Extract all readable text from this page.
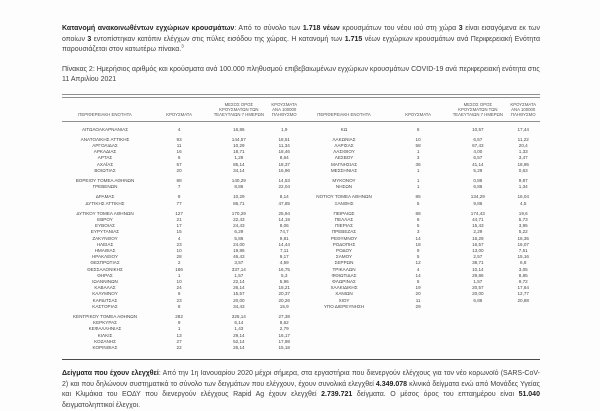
Κατανομή ανακοινωθέντων εγχώριων κρουσμάτων: Από το σύνολο των 1.718 νέων κρουσμάτων του νέου ιού στη χώρα 3 είναι εισαγόμενα εκ των οποίων 3 εντοπίστηκαν κατόπιν ελέγχων στις πύλες εισόδου της χώρας. Η κατανομή των 1.715 νέων εγχώριων κρουσμάτων ανά Περιφερειακή Ενότητα παρουσιάζεται στον κατωτέρω πίνακα.$^3$

Πίνακας 2: Ημερήσιος αριθμός και κρούσματα ανά 100.000 πληθυσμού επιβεβαιωμένων εγχώριων κρουσμάτων COVID-19 ανά περιφερειακή ενότητα στις 11 Απριλίου 2021

ΠΕΡΙΦΕΡΕΙΑΚΗ ΕΝΟΤΗΤΑ	ΚΡΟΥΣΜΑΤΑ
ΜΕΣΟΣ ΟΡΟΣ ΚΡΟΥΣΜΑΤΩΝ ΤΩΝ ΤΕΛΕΥΤΑΙΩΝ 7 ΗΜΕΡΩΝ
ΚΡΟΥΣΜΑΤΑ ΑΝΑ 100000 ΠΛΗΘΥΣΜΟ	ΠΕΡΙΦΕΡΕΙΑΚΗ ΕΝΟΤΗΤΑ	ΚΡΟΥΣΜΑΤΑ
ΜΕΣΟΣ ΟΡΟΣ ΚΡΟΥΣΜΑΤΩΝ ΤΩΝ ΤΕΛΕΥΤΑΙΩΝ 7 ΗΜΕΡΩΝ
ΚΡΟΥΣΜΑΤΑ ΑΝΑ 100000 ΠΛΗΘΥΣΜΟ
ΑΙΤΩΛΟΑΚΑΡΝΑΝΙΑΣ	4	16,86	1,9
ΑΝΑΤΟΛΙΚΗΣ ΑΤΤΙΚΗΣ	93	144,57	18,51
ΑΡΓΟΛΙΔΑΣ	11	10,29	11,34
ΑΡΚΑΔΙΑΣ	16	18,71	18,46
ΑΡΤΑΣ	6	1,29	8,64
ΑΧΑΪΑΣ	57	85,14	18,37
ΒΟΙΩΤΙΑΣ	20	34,14	16,96
ΒΟΡΕΙΟΥ ΤΟΜΕΑ ΑΘΗΝΩΝ	88	140,29	14,53
ΓΡΕΒΕΝΩΝ	7	8,86	22,04
ΔΡΑΜΑΣ	8	10,29	8,14
ΔΥΤΙΚΗΣ ΑΤΤΙΚΗΣ	77	86,71	47,85
ΔΥΤΙΚΟΥ ΤΟΜΕΑ ΑΘΗΝΩΝ	127	170,29	25,94
ΕΒΡΟΥ	21	22,43	14,19
ΕΥΒΟΙΑΣ	17	24,43	8,06
ΕΥΡΥΤΑΝΙΑΣ	15	6,29	74,7
ΖΑΚΥΝΘΟΥ	4	5,86	9,81
ΗΛΕΙΑΣ	23	24,00	14,44
ΗΜΑΘΙΑΣ	10	19,86	7,11
ΗΡΑΚΛΕΙΟΥ	28	46,43	9,17
ΘΕΣΠΡΩΤΙΑΣ	2	3,57	4,59
ΘΕΣΣΑΛΟΝΙΚΗΣ	186	337,14	16,75
ΘΗΡΑΣ	1	1,57	5,3
ΙΩΑΝΝΙΝΩΝ	10	22,14	5,96
ΚΑΒΑΛΑΣ	24	26,14	18,21
ΚΑΛΥΜΝΟΥ	6	15,57	20,37
ΚΑΡΔΙΤΣΑΣ	23	20,00	20,26
ΚΑΣΤΟΡΙΑΣ	8	34,43	15,9
ΚΕΝΤΡΙΚΟΥ ΤΟΜΕΑ ΑΘΗΝΩΝ	282	325,14	27,38
ΚΕΡΚΥΡΑΣ	9	6,14	8,62
ΚΕΦΑΛΛΗΝΙΑΣ	1	1,43	2,79
ΚΙΛΚΙΣ	13	29,14	16,17
ΚΟΖΑΝΗΣ	27	52,14	17,98
ΚΟΡΙΝΘΙΑΣ	22	26,14	15,18
ΚΩ	6	10,57	17,44
ΛΑΚΩΝΙΑΣ	10	6,57	11,22
ΛΑΡΙΣΑΣ	58	67,43	20,4
ΛΑΣΙΘΙΟΥ	1	4,00	1,33
ΛΕΣΒΟΥ	3	6,57	3,47
ΜΑΓΝΗΣΙΑΣ	36	41,14	18,95
ΜΕΣΣΗΝΙΑΣ	1	5,29	0,63
ΜΥΚΟΝΟΥ	1	0,86	9,87
ΝΗΣΩΝ	1	6,86	1,34
ΝΟΤΙΟΥ ΤΟΜΕΑ ΑΘΗΝΩΝ	85	134,29	16,04
ΞΑΝΘΗΣ	5	9,86	4,5
ΠΕΙΡΑΙΩΣ	88	174,43	19,6
ΠΕΛΛΑΣ	8	44,71	5,73
ΠΙΕΡΙΑΣ	5	15,43	3,95
ΠΡΕΒΕΖΑΣ	3	2,29	5,22
ΡΕΘΥΜΝΟΥ	14	16,29	16,35
ΡΟΔΟΠΗΣ	18	16,57	16,07
ΡΟΔΟΥ	9	13,00	7,51
ΣΑΜΟΥ	5	2,57	15,16
ΣΕΡΡΩΝ	12	38,71	6,8
ΤΡΙΚΑΛΩΝ	4	10,14	3,05
ΦΘΙΩΤΙΔΑΣ	14	29,86	8,85
ΦΛΩΡΙΝΑΣ	5	1,57	9,72
ΧΑΛΚΙΔΙΚΗΣ	19	20,57	17,64
ΧΑΝΙΩΝ	20	20,00	12,77
ΧΙΟΥ	11	6,86	20,88
ΥΠΟ ΔΙΕΡΕΥΝΗΣΗ	29

Δείγματα που έχουν ελεγχθεί: Από την 1η Ιανουαρίου 2020 μέχρι σήμερα, στα εργαστήρια που διενεργούν ελέγχους για τον νέο κορωνοϊό (SARS-CoV-2) και που δηλώνουν συστηματικά το σύνολο των δειγμάτων που ελέγχουν, έχουν συνολικά ελεγχθεί 4.349.078 κλινικά δείγματα ενώ από Μονάδες Υγείας και Κλιμάκια του ΕΟΔΥ που διενεργούν ελέγχους Rapid Ag έχουν ελεγχθεί 2.739.721 δείγματα. Ο μέσος όρος του επταημέρου είναι 51.040 δειγματοληπτικοί έλεγχοι.
